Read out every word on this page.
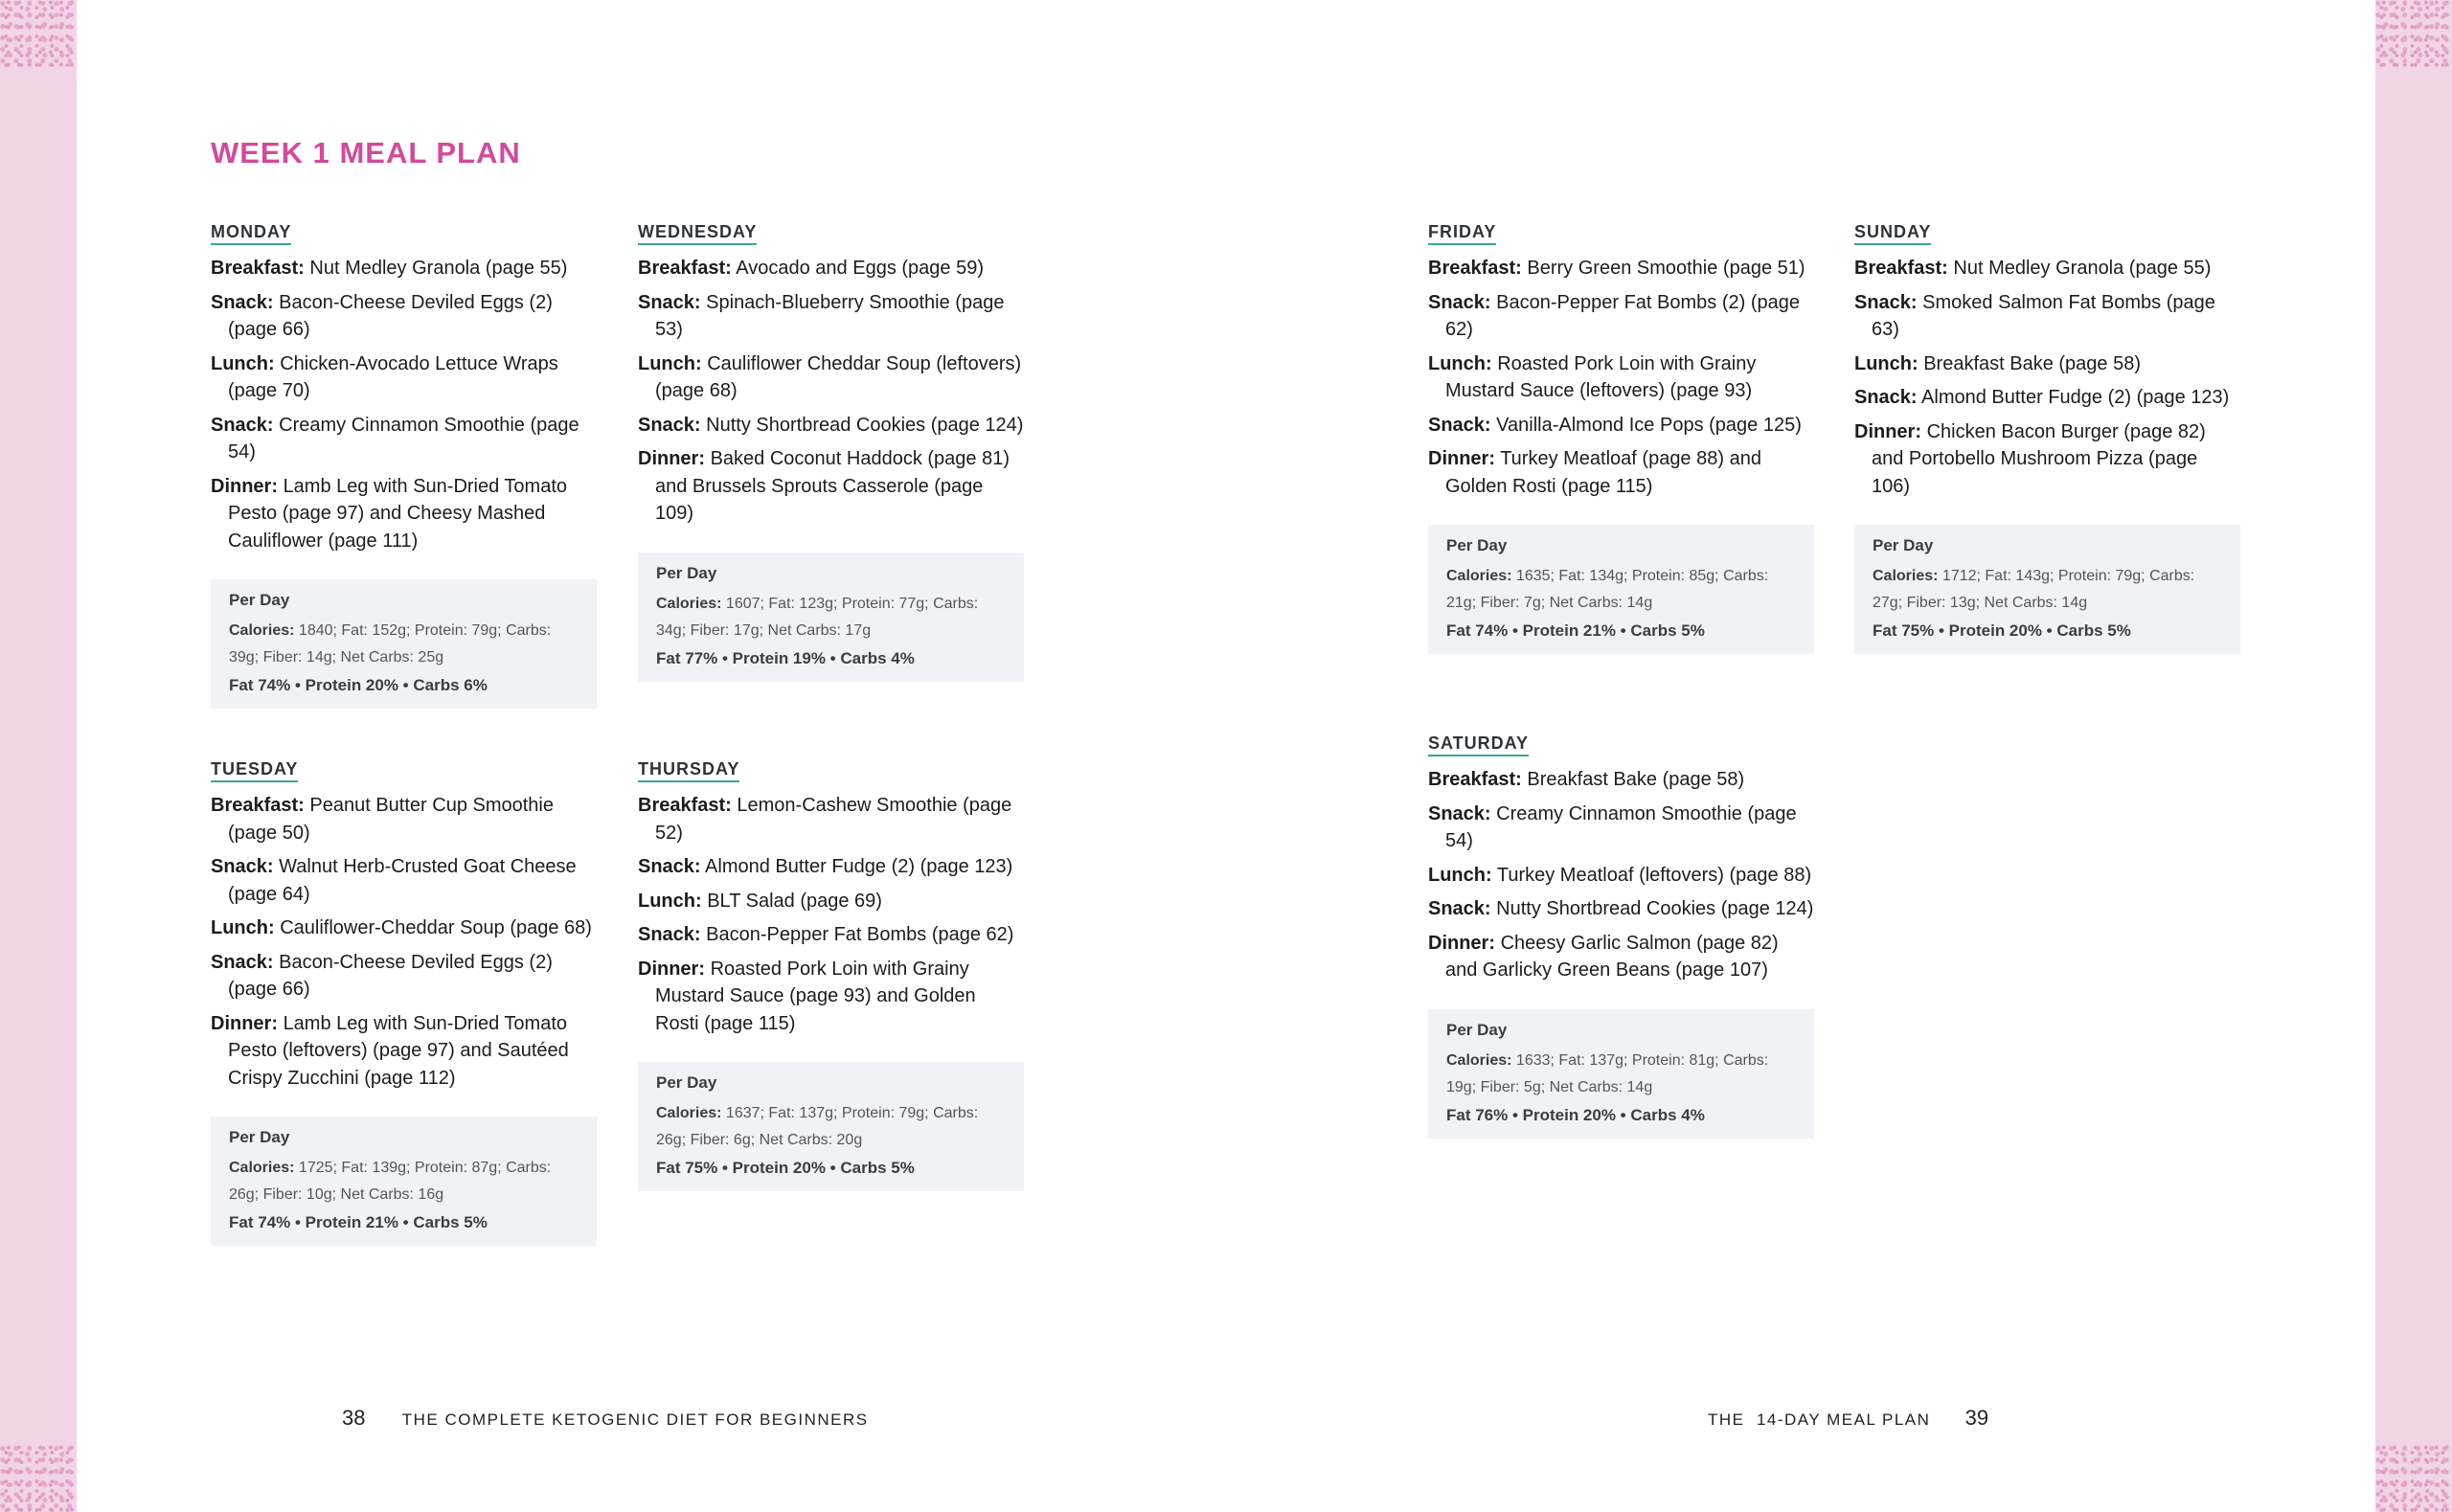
WEEK 1 MEAL PLAN
MONDAY
Breakfast: Nut Medley Granola (page 55)
Snack: Bacon-Cheese Deviled Eggs (2) (page 66)
Lunch: Chicken-Avocado Lettuce Wraps (page 70)
Snack: Creamy Cinnamon Smoothie (page 54)
Dinner: Lamb Leg with Sun-Dried Tomato Pesto (page 97) and Cheesy Mashed Cauliflower (page 111)
Per Day
Calories: 1840; Fat: 152g; Protein: 79g; Carbs: 39g; Fiber: 14g; Net Carbs: 25g
Fat 74% • Protein 20% • Carbs 6%
TUESDAY
Breakfast: Peanut Butter Cup Smoothie (page 50)
Snack: Walnut Herb-Crusted Goat Cheese (page 64)
Lunch: Cauliflower-Cheddar Soup (page 68)
Snack: Bacon-Cheese Deviled Eggs (2) (page 66)
Dinner: Lamb Leg with Sun-Dried Tomato Pesto (leftovers) (page 97) and Sautéed Crispy Zucchini (page 112)
Per Day
Calories: 1725; Fat: 139g; Protein: 87g; Carbs: 26g; Fiber: 10g; Net Carbs: 16g
Fat 74% • Protein 21% • Carbs 5%
WEDNESDAY
Breakfast: Avocado and Eggs (page 59)
Snack: Spinach-Blueberry Smoothie (page 53)
Lunch: Cauliflower Cheddar Soup (leftovers) (page 68)
Snack: Nutty Shortbread Cookies (page 124)
Dinner: Baked Coconut Haddock (page 81) and Brussels Sprouts Casserole (page 109)
Per Day
Calories: 1607; Fat: 123g; Protein: 77g; Carbs: 34g; Fiber: 17g; Net Carbs: 17g
Fat 77% • Protein 19% • Carbs 4%
THURSDAY
Breakfast: Lemon-Cashew Smoothie (page 52)
Snack: Almond Butter Fudge (2) (page 123)
Lunch: BLT Salad (page 69)
Snack: Bacon-Pepper Fat Bombs (page 62)
Dinner: Roasted Pork Loin with Grainy Mustard Sauce (page 93) and Golden Rosti (page 115)
Per Day
Calories: 1637; Fat: 137g; Protein: 79g; Carbs: 26g; Fiber: 6g; Net Carbs: 20g
Fat 75% • Protein 20% • Carbs 5%
FRIDAY
Breakfast: Berry Green Smoothie (page 51)
Snack: Bacon-Pepper Fat Bombs (2) (page 62)
Lunch: Roasted Pork Loin with Grainy Mustard Sauce (leftovers) (page 93)
Snack: Vanilla-Almond Ice Pops (page 125)
Dinner: Turkey Meatloaf (page 88) and Golden Rosti (page 115)
Per Day
Calories: 1635; Fat: 134g; Protein: 85g; Carbs: 21g; Fiber: 7g; Net Carbs: 14g
Fat 74% • Protein 21% • Carbs 5%
SATURDAY
Breakfast: Breakfast Bake (page 58)
Snack: Creamy Cinnamon Smoothie (page 54)
Lunch: Turkey Meatloaf (leftovers) (page 88)
Snack: Nutty Shortbread Cookies (page 124)
Dinner: Cheesy Garlic Salmon (page 82) and Garlicky Green Beans (page 107)
Per Day
Calories: 1633; Fat: 137g; Protein: 81g; Carbs: 19g; Fiber: 5g; Net Carbs: 14g
Fat 76% • Protein 20% • Carbs 4%
SUNDAY
Breakfast: Nut Medley Granola (page 55)
Snack: Smoked Salmon Fat Bombs (page 63)
Lunch: Breakfast Bake (page 58)
Snack: Almond Butter Fudge (2) (page 123)
Dinner: Chicken Bacon Burger (page 82) and Portobello Mushroom Pizza (page 106)
Per Day
Calories: 1712; Fat: 143g; Protein: 79g; Carbs: 27g; Fiber: 13g; Net Carbs: 14g
Fat 75% • Protein 20% • Carbs 5%
38 THE COMPLETE KETOGENIC DIET FOR BEGINNERS	THE  14-DAY MEAL PLAN 39
